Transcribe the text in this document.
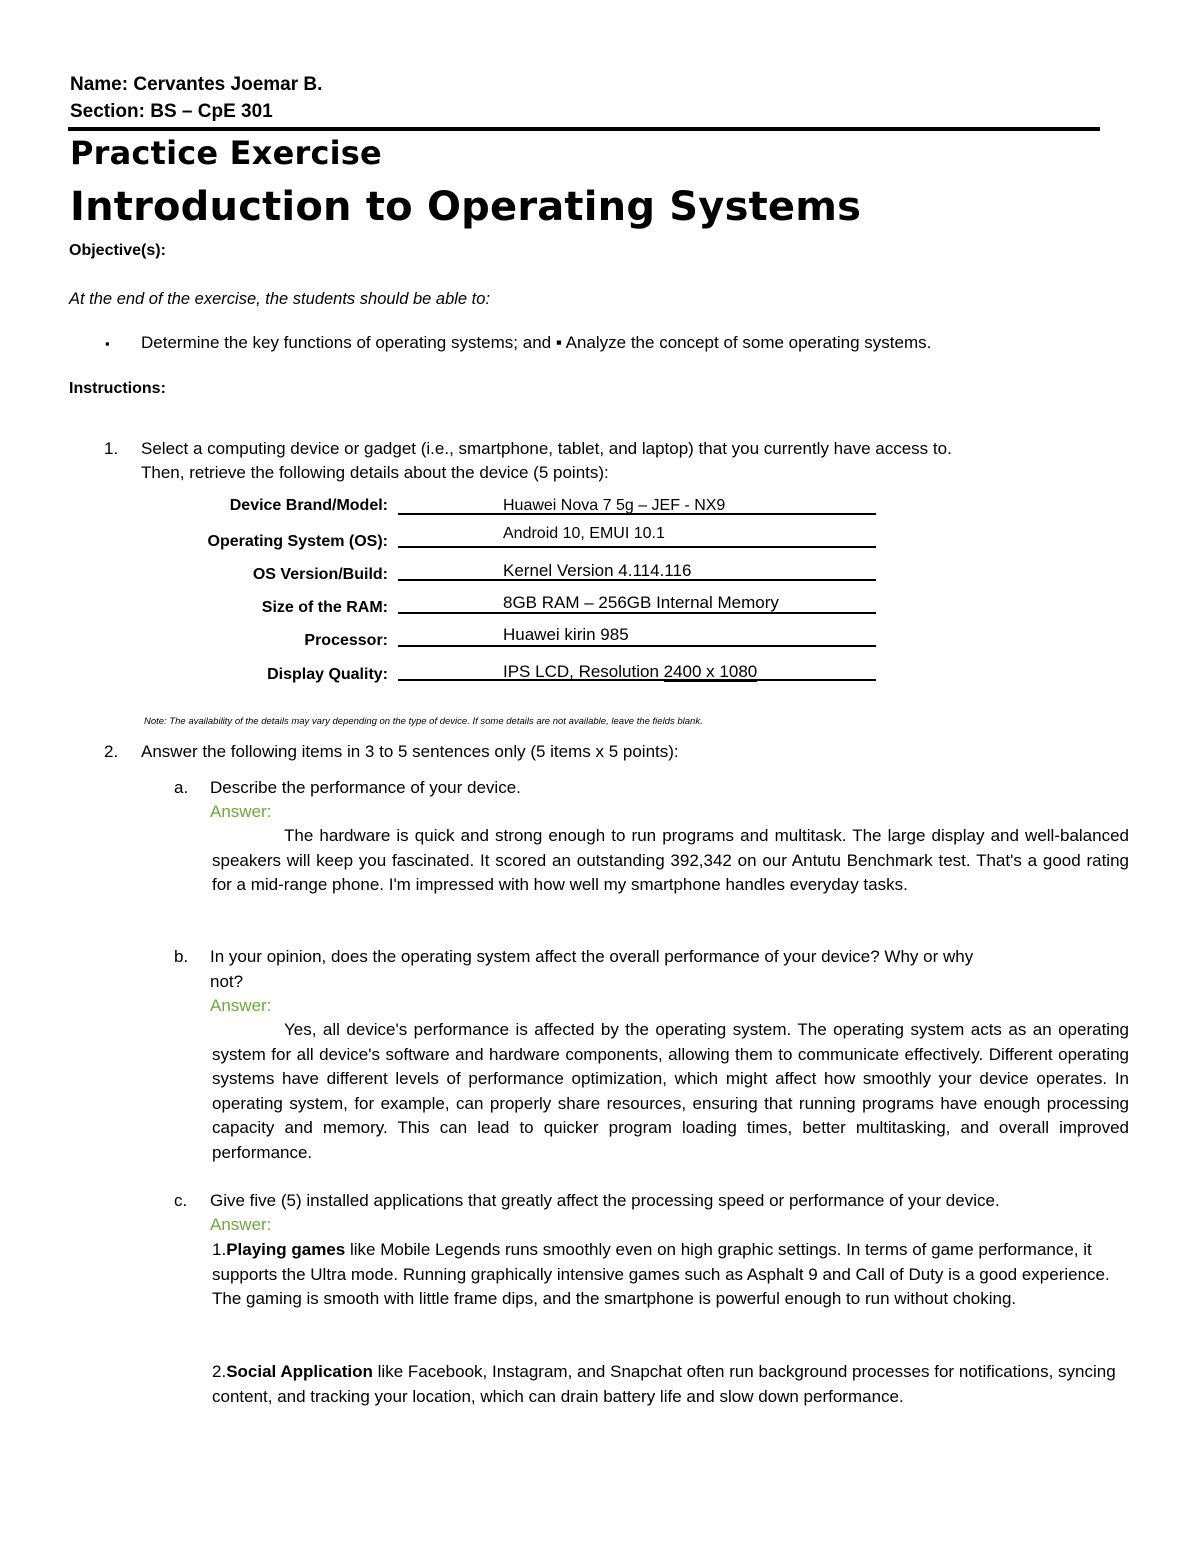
Name: Cervantes Joemar B.
Section: BS – CpE 301
Practice Exercise
Introduction to Operating Systems
Objective(s):
At the end of the exercise, the students should be able to:
▪ Determine the key functions of operating systems; and ▪ Analyze the concept of some operating systems.
Instructions:
1. Select a computing device or gadget (i.e., smartphone, tablet, and laptop) that you currently have access to.
Then, retrieve the following details about the device (5 points):
Device Brand/Model:	Huawei Nova 7 5g – JEF - NX9
Operating System (OS):	Android 10, EMUI 10.1
OS Version/Build:	Kernel Version 4.114.116
Size of the RAM:	8GB RAM – 256GB Internal Memory
Processor:	Huawei kirin 985
Display Quality:	IPS LCD, Resolution 2400 x 1080
Note: The availability of the details may vary depending on the type of device. If some details are not available, leave the fields blank.
2. Answer the following items in 3 to 5 sentences only (5 items x 5 points):
a. Describe the performance of your device.
Answer:
The hardware is quick and strong enough to run programs and multitask. The large display and well-balanced speakers will keep you fascinated. It scored an outstanding 392,342 on our Antutu Benchmark test. That's a good rating for a mid-range phone. I'm impressed with how well my smartphone handles everyday tasks.
b. In your opinion, does the operating system affect the overall performance of your device? Why or why
not?
Answer:
Yes, all device's performance is affected by the operating system. The operating system acts as an operating system for all device's software and hardware components, allowing them to communicate effectively. Different operating systems have different levels of performance optimization, which might affect how smoothly your device operates. In operating system, for example, can properly share resources, ensuring that running programs have enough processing capacity and memory. This can lead to quicker program loading times, better multitasking, and overall improved performance.
c. Give five (5) installed applications that greatly affect the processing speed or performance of your device.
Answer:
1.Playing games like Mobile Legends runs smoothly even on high graphic settings. In terms of game performance, it supports the Ultra mode. Running graphically intensive games such as Asphalt 9 and Call of Duty is a good experience. The gaming is smooth with little frame dips, and the smartphone is powerful enough to run without choking.
2.Social Application like Facebook, Instagram, and Snapchat often run background processes for notifications, syncing content, and tracking your location, which can drain battery life and slow down performance.
